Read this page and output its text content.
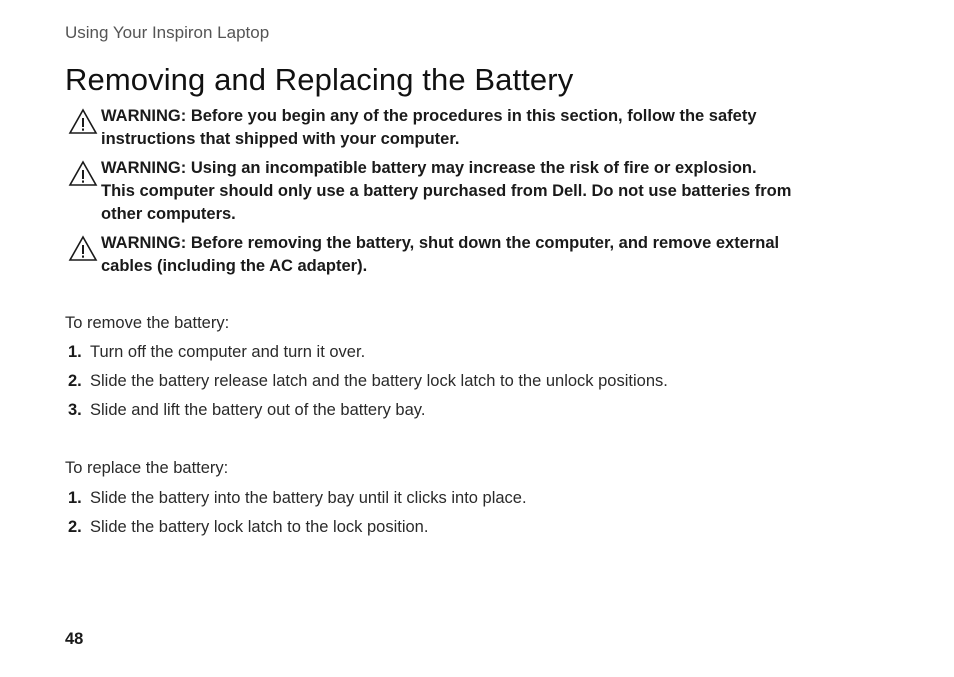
Using Your Inspiron Laptop
Removing and Replacing the Battery
WARNING: Before you begin any of the procedures in this section, follow the safety
instructions that shipped with your computer.
WARNING: Using an incompatible battery may increase the risk of fire or explosion.
This computer should only use a battery purchased from Dell. Do not use batteries from
other computers.
WARNING: Before removing the battery, shut down the computer, and remove external
cables (including the AC adapter).
To remove the battery:
1. Turn off the computer and turn it over.
2. Slide the battery release latch and the battery lock latch to the unlock positions.
3. Slide and lift the battery out of the battery bay.
To replace the battery:
1. Slide the battery into the battery bay until it clicks into place.
2. Slide the battery lock latch to the lock position.
48
